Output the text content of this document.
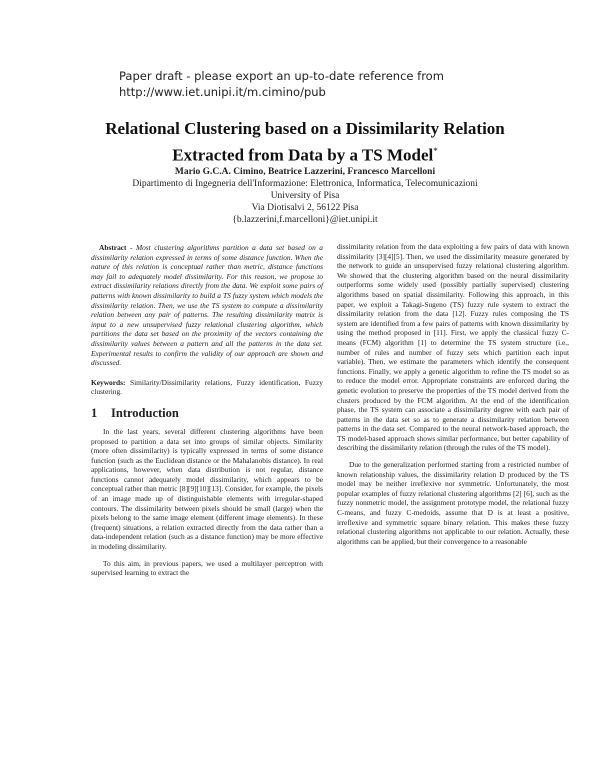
Paper draft - please export an up-to-date reference from
http://www.iet.unipi.it/m.cimino/pub
Relational Clustering based on a Dissimilarity Relation
Extracted from Data by a TS Model*
Mario G.C.A. Cimino, Beatrice Lazzerini, Francesco Marcelloni
Dipartimento di Ingegneria dell'Informazione: Elettronica, Informatica, Telecomunicazioni
University of Pisa
Via Diotisalvi 2, 56122 Pisa
{b.lazzerini,f.marcelloni}@iet.unipi.it

Abstract - Most clustering algorithms partition a data set based on a dissimilarity relation expressed in terms of some distance function. When the nature of this relation is conceptual rather than metric, distance functions may fail to adequately model dissimilarity. For this reason, we propose to extract dissimilarity relations directly from the data. We exploit some pairs of patterns with known dissimilarity to build a TS fuzzy system which models the dissimilarity relation. Then, we use the TS system to compute a dissimilarity relation between any pair of patterns. The resulting dissimilarity matrix is input to a new unsupervised fuzzy relational clustering algorithm, which partitions the data set based on the proximity of the vectors containing the dissimilarity values between a pattern and all the patterns in the data set. Experimental results to confirm the validity of our approach are shown and discussed.

Keywords: Similarity/Dissimilarity relations, Fuzzy identification, Fuzzy clustering.

1 Introduction

In the last years, several different clustering algorithms have been proposed to partition a data set into groups of similar objects. Similarity (more often dissimilarity) is typically expressed in terms of some distance function (such as the Euclidean distance or the Mahalanobis distance). In real applications, however, when data distribution is not regular, distance functions cannot adequately model dissimilarity, which appears to be conceptual rather than metric [8][9][10][13]. Consider, for example, the pixels of an image made up of distinguishable elements with irregular-shaped contours. The dissimilarity between pixels should be small (large) when the pixels belong to the same image element (different image elements). In these (frequent) situations, a relation extracted directly from the data rather than a data-independent relation (such as a distance function) may be more effective in modeling dissimilarity.

To this aim, in previous papers, we used a multilayer perceptron with supervised learning to extract the

dissimilarity relation from the data exploiting a few pairs of data with known dissimilarity [3][4][5]. Then, we used the dissimilarity measure generated by the network to guide an unsupervised fuzzy relational clustering algorithm. We showed that the clustering algorithm based on the neural dissimilarity outperforms some widely used (possibly partially supervised) clustering algorithms based on spatial dissimilarity. Following this approach, in this paper, we exploit a Takagi-Sugeno (TS) fuzzy rule system to extract the dissimilarity relation from the data [12]. Fuzzy rules composing the TS system are identified from a few pairs of patterns with known dissimilarity by using the method proposed in [11]. First, we apply the classical fuzzy C-means (FCM) algorithm [1] to determine the TS system structure (i.e., number of rules and number of fuzzy sets which partition each input variable). Then, we estimate the parameters which identify the consequent functions. Finally, we apply a genetic algorithm to refine the TS model so as to reduce the model error. Appropriate constraints are enforced during the genetic evolution to preserve the properties of the TS model derived from the clusters produced by the FCM algorithm. At the end of the identification phase, the TS system can associate a dissimilarity degree with each pair of patterns in the data set so as to generate a dissimilarity relation between patterns in the data set. Compared to the neural network-based approach, the TS model-based approach shows similar performance, but better capability of describing the dissimilarity relation (through the rules of the TS model).

Due to the generalization performed starting from a restricted number of known relationship values, the dissimilarity relation D produced by the TS model may be neither irreflexive nor symmetric. Unfortunately, the most popular examples of fuzzy relational clustering algorithms [2] [6], such as the fuzzy nonmetric model, the assignment prototype model, the relational fuzzy C-means, and fuzzy C-medoids, assume that D is at least a positive, irreflexive and symmetric square binary relation. This makes these fuzzy relational clustering algorithms not applicable to our relation. Actually, these algorithms can be applied, but their convergence to a reasonable
